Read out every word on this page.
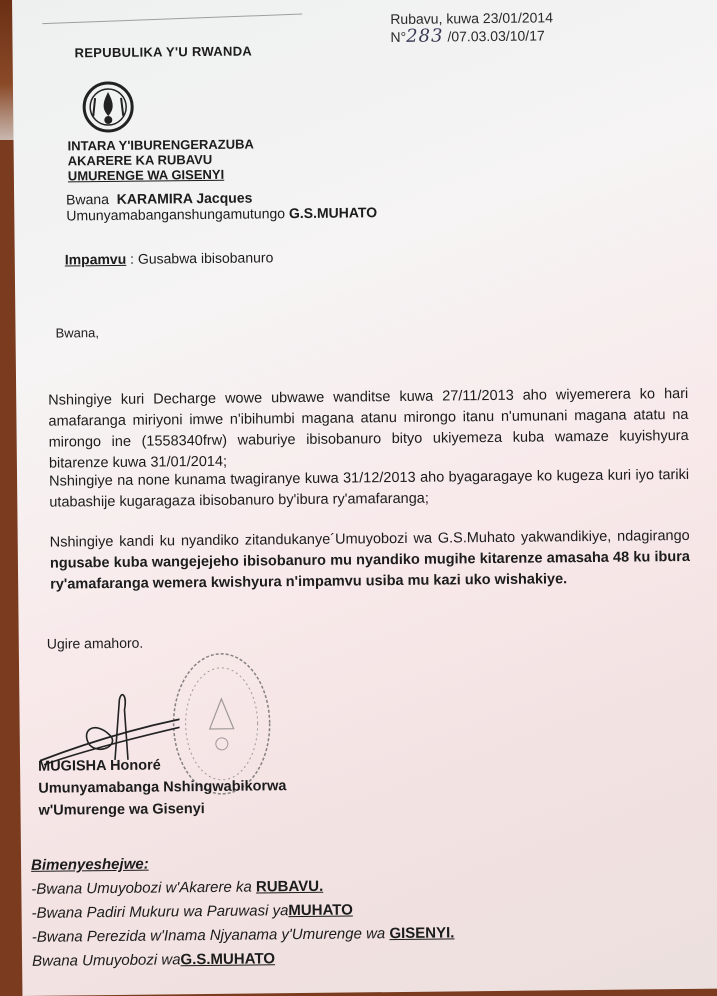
Rubavu, kuwa 23/01/2014
N°283 /07.03.03/10/17
REPUBULIKA Y'U RWANDA
INTARA Y'IBURENGERAZUBA
AKARERE KA RUBAVU
UMURENGE WA GISENYI
Bwana KARAMIRA Jacques
Umunyamabanganshungamutungo G.S.MUHATO
Impamvu : Gusabwa ibisobanuro
Bwana,
Nshingiye kuri Decharge wowe ubwawe wanditse kuwa 27/11/2013 aho wiyemerera ko hari amafaranga miriyoni imwe n'ibihumbi magana atanu mirongo itanu n'umunani magana atatu na mirongo ine (1558340frw) waburiye ibisobanuro bityo ukiyemeza kuba wamaze kuyishyura bitarenze kuwa 31/01/2014;
Nshingiye na none kunama twagiranye kuwa 31/12/2013 aho byagaragaye ko kugeza kuri iyo tariki utabashije kugaragaza ibisobanuro by'ibura ry'amafaranga;
Nshingiye kandi ku nyandiko zitandukanye´Umuyobozi wa G.S.Muhato yakwandikiye, ndagirango ngusabe kuba wangejejeho ibisobanuro mu nyandiko mugihe kitarenze amasaha 48 ku ibura ry'amafaranga wemera kwishyura n'impamvu usiba mu kazi uko wishakiye.
Ugire amahoro.
MUGISHA Honoré
Umunyamabanga Nshingwabikorwa
w'Umurenge wa Gisenyi
Bimenyeshejwe:
-Bwana Umuyobozi w'Akarere ka RUBAVU.
-Bwana Padiri Mukuru wa Paruwasi yaMUHATO
-Bwana Perezida w'Inama Njyanama y'Umurenge wa GISENYI.
Bwana Umuyobozi waG.S.MUHATO
